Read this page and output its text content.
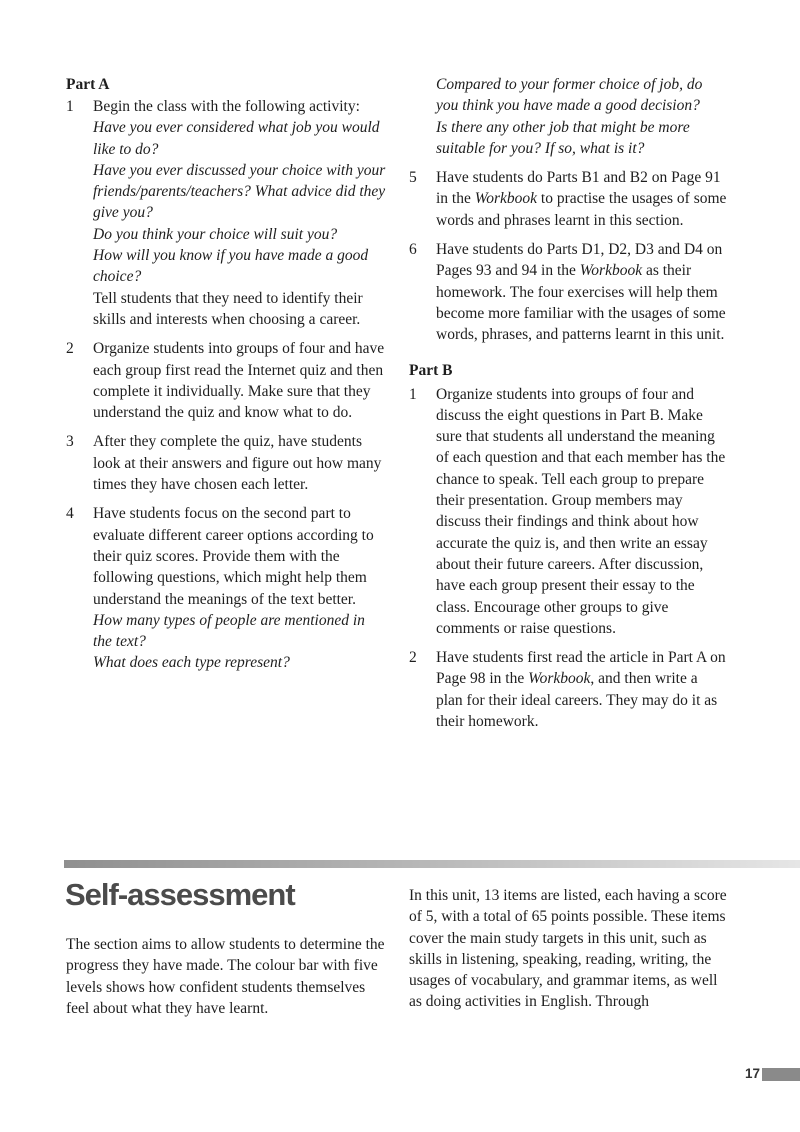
Part A
1	Begin the class with the following activity:

Have you ever considered what job you would like to do?

Have you ever discussed your choice with your friends/parents/teachers? What advice did they give you?

Do you think your choice will suit you?

How will you know if you have made a good choice?

Tell students that they need to identify their skills and interests when choosing a career.

2	Organize students into groups of four and have each group first read the Internet quiz and then complete it individually. Make sure that they understand the quiz and know what to do.

3	After they complete the quiz, have students look at their answers and figure out how many times they have chosen each letter.

4	Have students focus on the second part to evaluate different career options according to their quiz scores. Provide them with the following questions, which might help them understand the meanings of the text better.

How many types of people are mentioned in the text?

What does each type represent?

Compared to your former choice of job, do you think you have made a good decision?

Is there any other job that might be more suitable for you? If so, what is it?

5	Have students do Parts B1 and B2 on Page 91 in the Workbook to practise the usages of some words and phrases learnt in this section.

6	Have students do Parts D1, D2, D3 and D4 on Pages 93 and 94 in the Workbook as their homework. The four exercises will help them become more familiar with the usages of some words, phrases, and patterns learnt in this unit.

Part B
1	Organize students into groups of four and discuss the eight questions in Part B. Make sure that students all understand the meaning of each question and that each member has the chance to speak. Tell each group to prepare their presentation. Group members may discuss their findings and think about how accurate the quiz is, and then write an essay about their future careers. After discussion, have each group present their essay to the class. Encourage other groups to give comments or raise questions.

2	Have students first read the article in Part A on Page 98 in the Workbook, and then write a plan for their ideal careers. They may do it as their homework.

Self-assessment

The section aims to allow students to determine the progress they have made. The colour bar with five levels shows how confident students themselves feel about what they have learnt.

In this unit, 13 items are listed, each having a score of 5, with a total of 65 points possible. These items cover the main study targets in this unit, such as skills in listening, speaking, reading, writing, the usages of vocabulary, and grammar items, as well as doing activities in English. Through

17
